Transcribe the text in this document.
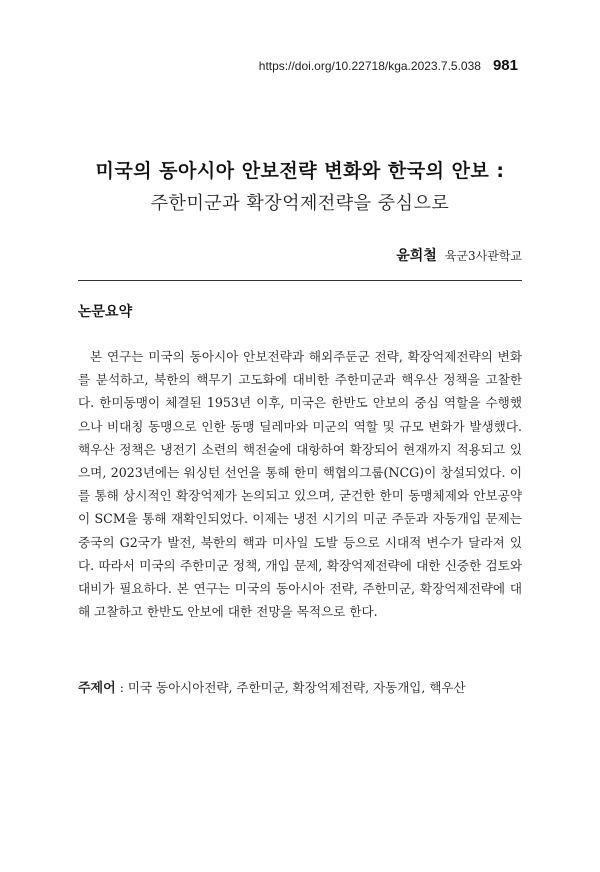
https://doi.org/10.22718/kga.2023.7.5.038 981
미국의 동아시아 안보전략 변화와 한국의 안보 :
주한미군과 확장억제전략을 중심으로
윤희철 육군3사관학교
논문요약

본 연구는 미국의 동아시아 안보전략과 해외주둔군 전략, 확장억제전략의 변화를 분석하고, 북한의 핵무기 고도화에 대비한 주한미군과 핵우산 정책을 고찰한다. 한미동맹이 체결된 1953년 이후, 미국은 한반도 안보의 중심 역할을 수행했으나 비대칭 동맹으로 인한 동맹 딜레마와 미군의 역할 및 규모 변화가 발생했다. 핵우산 정책은 냉전기 소련의 핵전술에 대항하여 확장되어 현재까지 적용되고 있으며, 2023년에는 워싱턴 선언을 통해 한미 핵협의그룹(NCG)이 창설되었다. 이를 통해 상시적인 확장억제가 논의되고 있으며, 굳건한 한미 동맹체제와 안보공약이 SCM을 통해 재확인되었다. 이제는 냉전 시기의 미군 주둔과 자동개입 문제는 중국의 G2국가 발전, 북한의 핵과 미사일 도발 등으로 시대적 변수가 달라져 있다. 따라서 미국의 주한미군 정책, 개입 문제, 확장억제전략에 대한 신중한 검토와 대비가 필요하다. 본 연구는 미국의 동아시아 전략, 주한미군, 확장억제전략에 대해 고찰하고 한반도 안보에 대한 전망을 목적으로 한다.

주제어 : 미국 동아시아전략, 주한미군, 확장억제전략, 자동개입, 핵우산
